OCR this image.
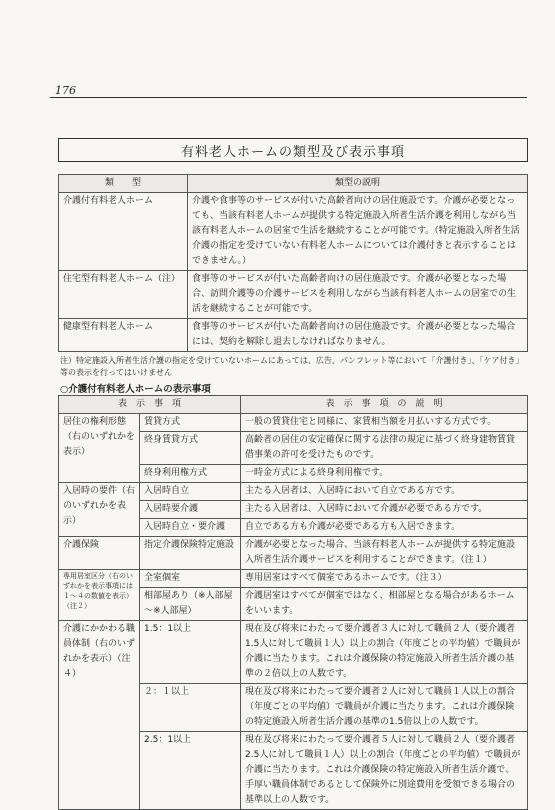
176
有料老人ホームの類型及び表示事項
類　　型	類型の説明
介護付有料老人ホーム	介護や食事等のサービスが付いた高齢者向けの居住施設です。介護が必要となっても、当該有料老人ホームが提供する特定施設入所者生活介護を利用しながら当該有料老人ホームの居室で生活を継続することが可能です。（特定施設入所者生活介護の指定を受けていない有料老人ホームについては介護付きと表示することはできません。）
住宅型有料老人ホーム（注）	食事等のサービスが付いた高齢者向けの居住施設です。介護が必要となった場合、訪問介護等の介護サービスを利用しながら当該有料老人ホームの居室での生活を継続することが可能です。
健康型有料老人ホーム	食事等のサービスが付いた高齢者向けの居住施設です。介護が必要となった場合には、契約を解除し退去しなければなりません。
注）特定施設入所者生活介護の指定を受けていないホームにあっては、広告、パンフレット等において「介護付き」、「ケア付き」等の表示を行ってはいけません
○介護付有料老人ホームの表示事項
表　示　事　項		表　示　事　項　の　説　明
居住の権利形態（右のいずれかを表示）	賃貸方式	一般の賃貸住宅と同様に、家賃相当額を月払いする方式です。
	終身賃貸方式	高齢者の居住の安定確保に関する法律の規定に基づく終身建物賃貸借事業の許可を受けたものです。
	終身利用権方式	一時金方式による終身利用権です。
入居時の要件（右のいずれかを表示）	入居時自立	主たる入居者は、入居時において自立である方です。
	入居時要介護	主たる入居者は、入居時において介護が必要である方です。
	入居時自立・要介護	自立である方も介護が必要である方も入居できます。
介護保険	指定介護保険特定施設	介護が必要となった場合、当該有料老人ホームが提供する特定施設入所者生活介護サービスを利用することができます。（注１）
専用居室区分（右のいずれかを表示事項には１～４の数値を表示）（注２）	全室個室	専用居室はすべて個室であるホームです。（注３）
	相部屋あり（※人部屋～※人部屋）	介護居室はすべてが個室ではなく、相部屋となる場合があるホームをいいます。
介護にかかわる職員体制（右のいずれかを表示）（注４）	1.5：1以上	現在及び将来にわたって要介護者３人に対して職員２人（要介護者1.5人に対して職員１人）以上の割合（年度ごとの平均値）で職員が介護に当たります。これは介護保険の特定施設入所者生活介護の基準の２倍以上の人数です。
	２：１以上	現在及び将来にわたって要介護者２人に対して職員１人以上の割合（年度ごとの平均値）で職員が介護に当たります。これは介護保険の特定施設入所者生活介護の基準の1.5倍以上の人数です。
	2.5：1以上	現在及び将来にわたって要介護者５人に対して職員２人（要介護者2.5人に対して職員１人）以上の割合（年度ごとの平均値）で職員が介護に当たります。これは介護保険の特定施設入所者生活介護で、手厚い職員体制であるとして保険外に別途費用を受領できる場合の基準以上の人数です。
